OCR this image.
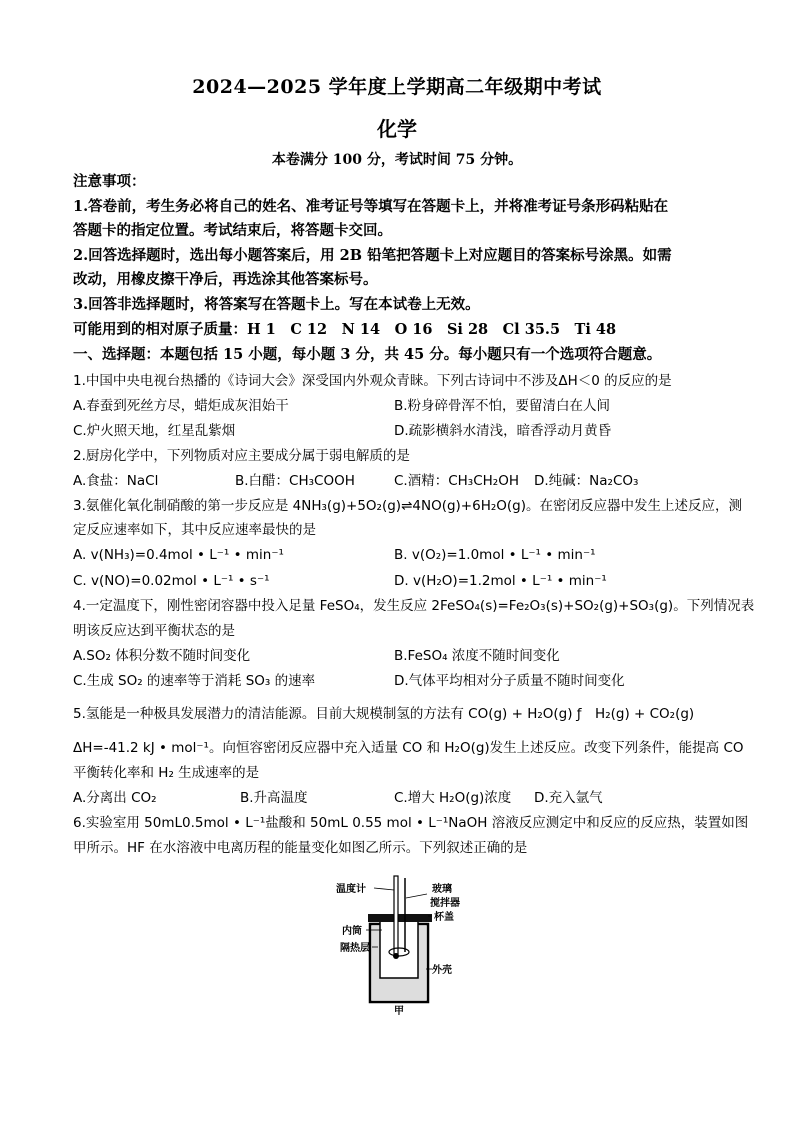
2024—2025 学年度上学期高二年级期中考试
化学
本卷满分 100 分，考试时间 75 分钟。
注意事项：
1.答卷前，考生务必将自己的姓名、准考证号等填写在答题卡上，并将准考证号条形码粘贴在
答题卡的指定位置。考试结束后，将答题卡交回。
2.回答选择题时，选出每小题答案后，用 2B 铅笔把答题卡上对应题目的答案标号涂黑。如需
改动，用橡皮擦干净后，再选涂其他答案标号。
3.回答非选择题时，将答案写在答题卡上。写在本试卷上无效。
可能用到的相对原子质量：H 1　C 12　N 14　O 16　Si 28　Cl 35.5　Ti 48
一、选择题：本题包括 15 小题，每小题 3 分，共 45 分。每小题只有一个选项符合题意。
1.中国中央电视台热播的《诗词大会》深受国内外观众青睐。下列古诗词中不涉及ΔH＜0 的反应的是
A.春蚕到死丝方尽，蜡炬成灰泪始干	B.粉身碎骨浑不怕，要留清白在人间
C.炉火照天地，红星乱紫烟	D.疏影横斜水清浅，暗香浮动月黄昏
2.厨房化学中，下列物质对应主要成分属于弱电解质的是
A.食盐：NaCl	B.白醋：CH₃COOH	C.酒精：CH₃CH₂OH D.纯碱：Na₂CO₃
3.氨催化氧化制硝酸的第一步反应是 4NH₃(g)+5O₂(g)⇌4NO(g)+6H₂O(g)。在密闭反应器中发生上述反应，测
定反应速率如下，其中反应速率最快的是
A. v(NH₃)=0.4mol • L⁻¹ • min⁻¹	B. v(O₂)=1.0mol • L⁻¹ • min⁻¹
C. v(NO)=0.02mol • L⁻¹ • s⁻¹	D. v(H₂O)=1.2mol • L⁻¹ • min⁻¹
4.一定温度下，刚性密闭容器中投入足量 FeSO₄，发生反应 2FeSO₄(s)=Fe₂O₃(s)+SO₂(g)+SO₃(g)。下列情况表
明该反应达到平衡状态的是
A.SO₂ 体积分数不随时间变化	B.FeSO₄ 浓度不随时间变化
C.生成 SO₂ 的速率等于消耗 SO₃ 的速率	D.气体平均相对分子质量不随时间变化
5.氢能是一种极具发展潜力的清洁能源。目前大规模制氢的方法有 CO(g) + H₂O(g) ƒ　H₂(g) + CO₂(g)
ΔH=-41.2 kJ • mol⁻¹。向恒容密闭反应器中充入适量 CO 和 H₂O(g)发生上述反应。改变下列条件，能提高 CO
平衡转化率和 H₂ 生成速率的是
A.分离出 CO₂	B.升高温度	C.增大 H₂O(g)浓度 D.充入氩气
6.实验室用 50mL0.5mol • L⁻¹盐酸和 50mL 0.55 mol • L⁻¹NaOH 溶液反应测定中和反应的反应热，装置如图
甲所示。HF 在水溶液中电离历程的能量变化如图乙所示。下列叙述正确的是
温度计	玻璃
搅拌器
杯盖
内筒
隔热层
外壳
甲
